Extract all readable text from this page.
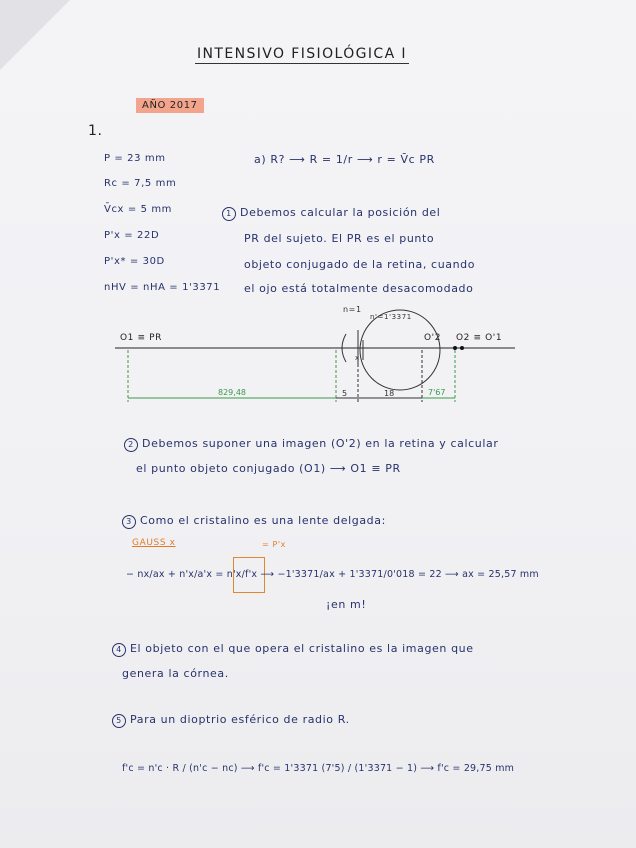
INTENSIVO FISIOLÓGICA I
AÑO 2017
1.
P = 23 mm
Rc = 7,5 mm
V̄cx = 5 mm
P'x = 22D
P'x* = 30D
nHV = nHA = 1'3371
a) R? ⟶ R = 1/r ⟶ r = V̄c PR
1 Debemos calcular la posición del
PR del sujeto. El PR es el punto
objeto conjugado de la retina, cuando
el ojo está totalmente desacomodado
n=1
n'=1'3371
O1 ≡ PR
x
O'2 O2 ≡ O'1
829,48	5	18	7'67
2 Debemos suponer una imagen (O'2) en la retina y calcular
el punto objeto conjugado (O1) ⟶ O1 ≡ PR
3 Como el cristalino es una lente delgada:
GAUSS x	= P'x
− nx/ax + n'x/a'x = n'x/f'x ⟶ −1'3371/ax + 1'3371/0'018 = 22 ⟶ ax = 25,57 mm
¡en m!
4 El objeto con el que opera el cristalino es la imagen que
genera la córnea.
5 Para un dioptrio esférico de radio R.
f'c = n'c · R / (n'c − nc) ⟶ f'c = 1'3371 (7'5) / (1'3371 − 1) ⟶ f'c = 29,75 mm
